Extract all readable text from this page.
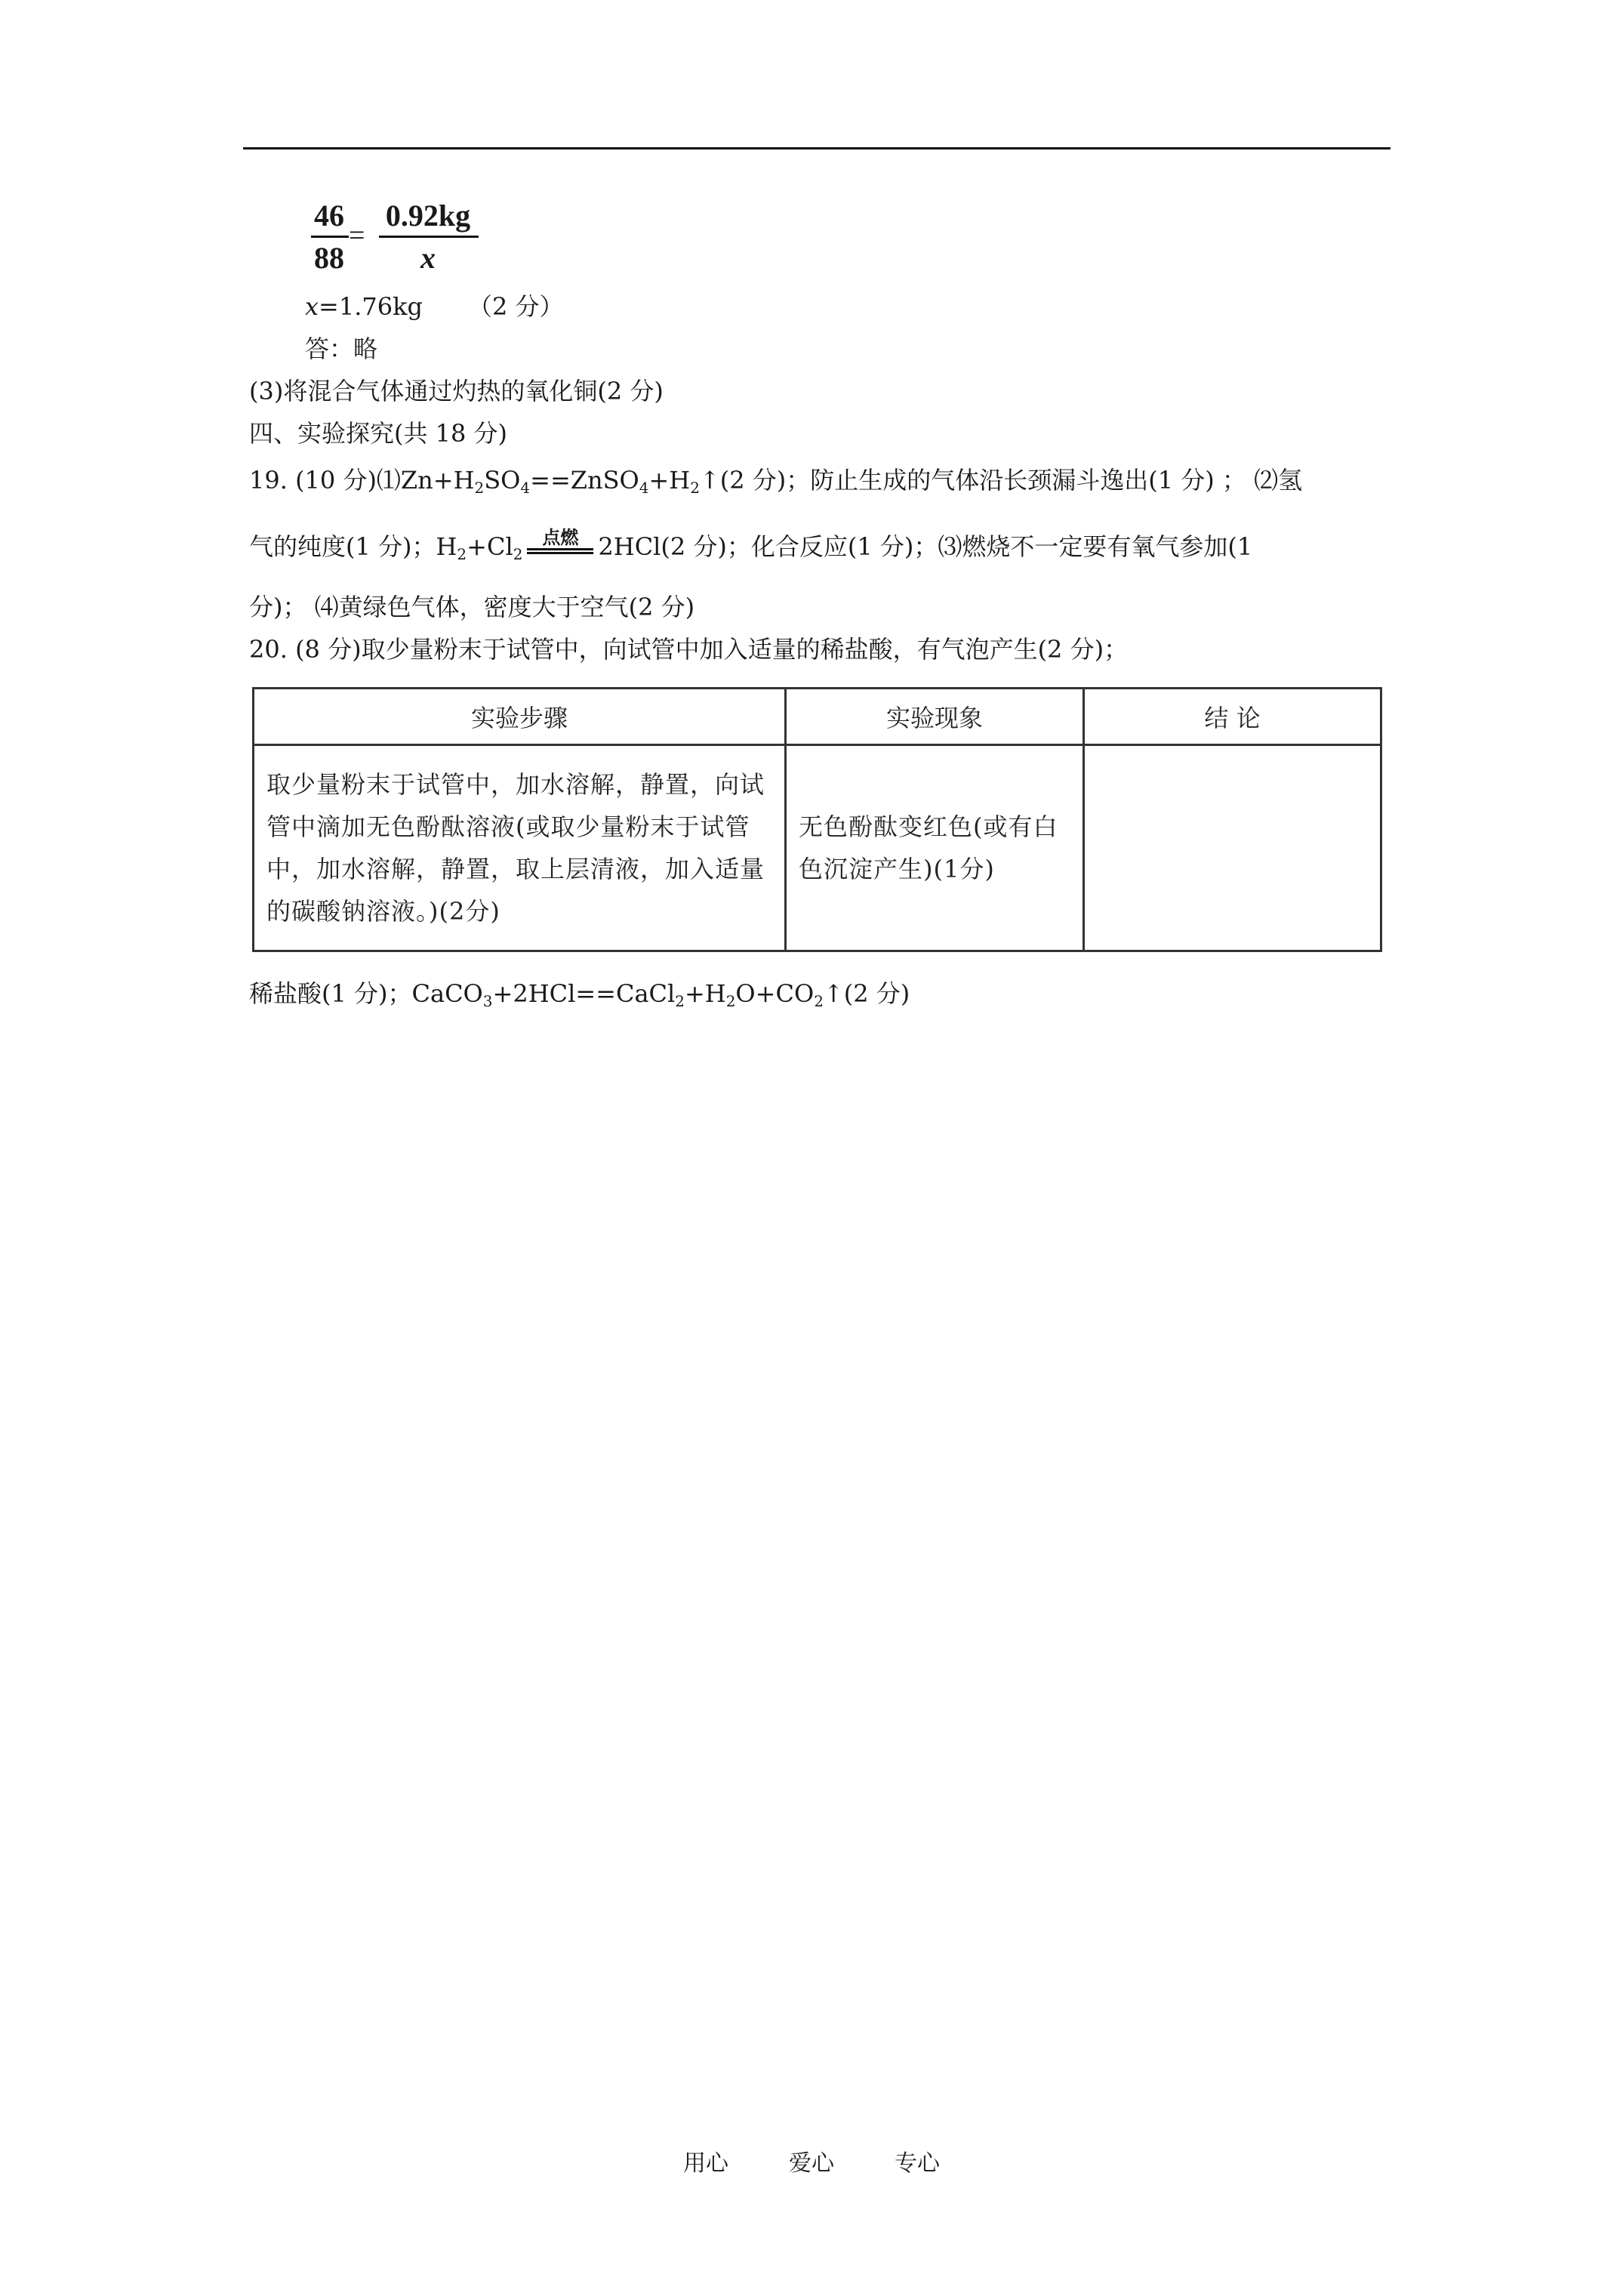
46
88
=
0.92kg
x
x=1.76kg （2 分）
答：略
(3)将混合气体通过灼热的氧化铜(2 分)
四、实验探究(共 18 分)
19. (10 分)$⑴Zn+H_2SO_4==ZnSO_4+H_2↑(2$ 分)；防止生成的气体沿长颈漏斗逸出(1 分) ； ⑵氢
气的纯度(1 分)；$H_2+Cl_2$
点燃 2HCl(2 分)；化合反应(1 分)；⑶燃烧不一定要有氧气参加(1
分)； ⑷黄绿色气体，密度大于空气(2 分)
20. (8 分)取少量粉末于试管中，向试管中加入适量的稀盐酸，有气泡产生(2 分)；
实验步骤	实验现象	结 论
取少量粉末于试管中，加水溶解，静置，向试管中滴加无色酚酞溶液(或取少量粉末于试管中，加水溶解，静置，取上层清液，加入适量的碳酸钠溶液。)(2分)	无色酚酞变红色(或有白色沉淀产生)(1分)	
稀盐酸(1 分)；$CaCO_3+2HCl==CaCl_2+H_2O+CO_2↑(2$ 分)
用心	爱心	专心
